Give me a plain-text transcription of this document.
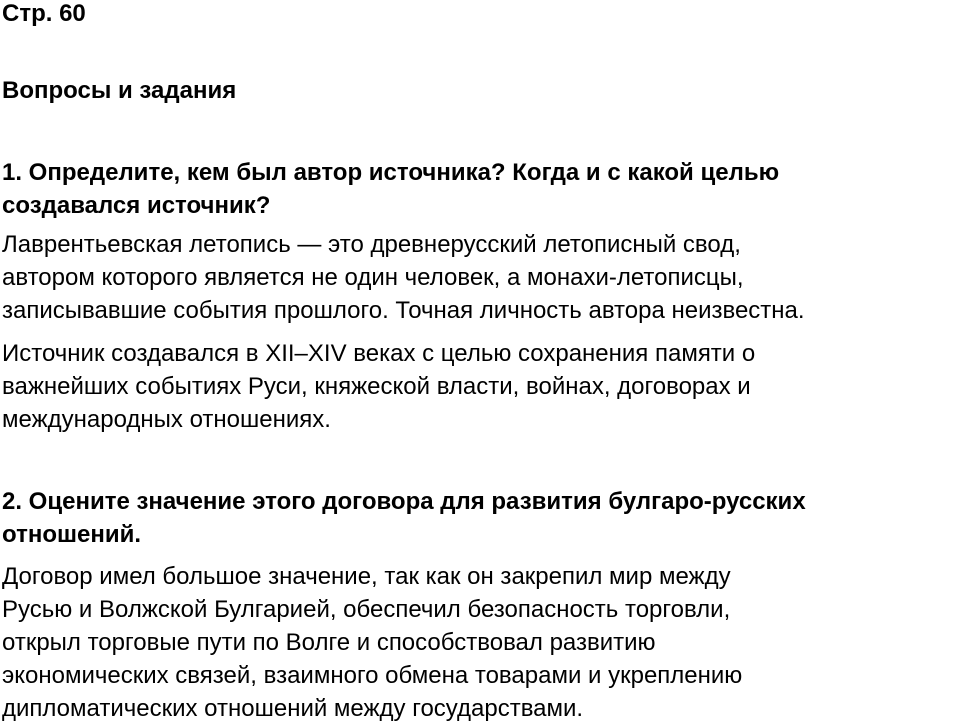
Стр. 60
Вопросы и задания
1. Определите, кем был автор источника? Когда и с какой целью
создавался источник?
Лаврентьевская летопись — это древнерусский летописный свод,
автором которого является не один человек, а монахи-летописцы,
записывавшие события прошлого. Точная личность автора неизвестна.
Источник создавался в XII–XIV веках с целью сохранения памяти о
важнейших событиях Руси, княжеской власти, войнах, договорах и
международных отношениях.
2. Оцените значение этого договора для развития булгаро-русских
отношений.
Договор имел большое значение, так как он закрепил мир между
Русью и Волжской Булгарией, обеспечил безопасность торговли,
открыл торговые пути по Волге и способствовал развитию
экономических связей, взаимного обмена товарами и укреплению
дипломатических отношений между государствами.
